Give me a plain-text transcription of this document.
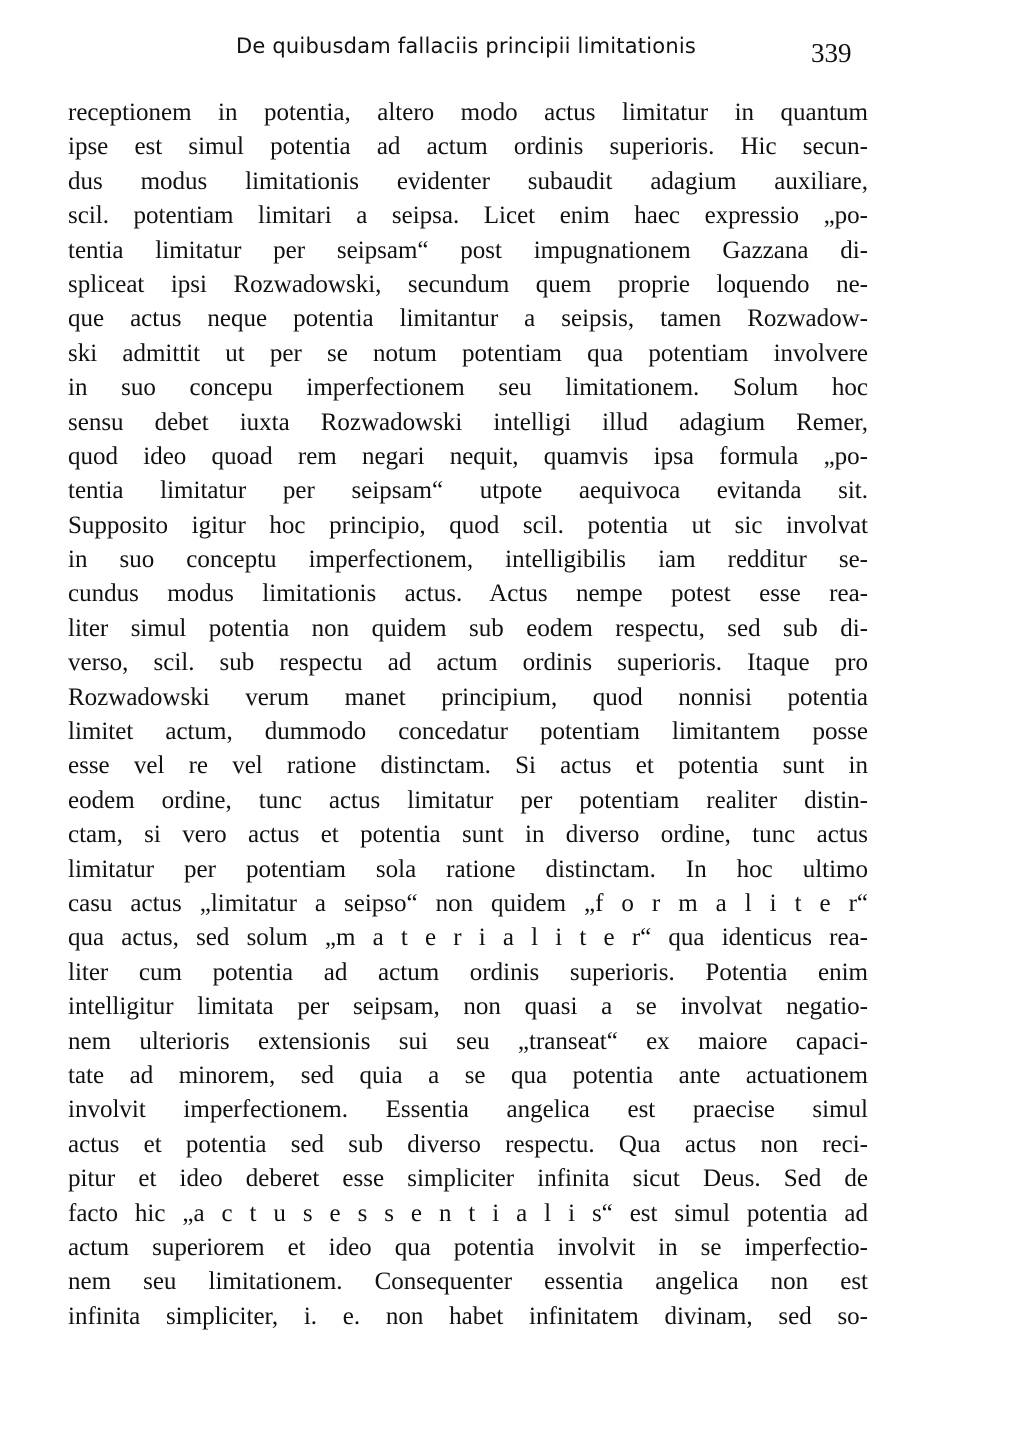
De quibusdam fallaciis principii limitationis	339
receptionem in potentia, altero modo actus limitatur in quantum
ipse est simul potentia ad actum ordinis superioris. Hic secun-
dus modus limitationis evidenter subaudit adagium auxiliare,
scil. potentiam limitari a seipsa. Licet enim haec expressio „po-
tentia limitatur per seipsam“ post impugnationem Gazzana di-
spliceat ipsi Rozwadowski, secundum quem proprie loquendo ne-
que actus neque potentia limitantur a seipsis, tamen Rozwadow-
ski admittit ut per se notum potentiam qua potentiam involvere
in suo concepu imperfectionem seu limitationem. Solum hoc
sensu debet iuxta Rozwadowski intelligi illud adagium Remer,
quod ideo quoad rem negari nequit, quamvis ipsa formula „po-
tentia limitatur per seipsam“ utpote aequivoca evitanda sit.
Supposito igitur hoc principio, quod scil. potentia ut sic involvat
in suo conceptu imperfectionem, intelligibilis iam redditur se-
cundus modus limitationis actus. Actus nempe potest esse rea-
liter simul potentia non quidem sub eodem respectu, sed sub di-
verso, scil. sub respectu ad actum ordinis superioris. Itaque pro
Rozwadowski verum manet principium, quod nonnisi potentia
limitet actum, dummodo concedatur potentiam limitantem posse
esse vel re vel ratione distinctam. Si actus et potentia sunt in
eodem ordine, tunc actus limitatur per potentiam realiter distin-
ctam, si vero actus et potentia sunt in diverso ordine, tunc actus
limitatur per potentiam sola ratione distinctam. In hoc ultimo
casu actus „limitatur a seipso“ non quidem „f o r m a l i t e r“
qua actus, sed solum „m a t e r i a l i t e r“ qua identicus rea-
liter cum potentia ad actum ordinis superioris. Potentia enim
intelligitur limitata per seipsam, non quasi a se involvat negatio-
nem ulterioris extensionis sui seu „transeat“ ex maiore capaci-
tate ad minorem, sed quia a se qua potentia ante actuationem
involvit imperfectionem. Essentia angelica est praecise simul
actus et potentia sed sub diverso respectu. Qua actus non reci-
pitur et ideo deberet esse simpliciter infinita sicut Deus. Sed de
facto hic „a c t u s e s s e n t i a l i s“ est simul potentia ad
actum superiorem et ideo qua potentia involvit in se imperfectio-
nem seu limitationem. Consequenter essentia angelica non est
infinita simpliciter, i. e. non habet infinitatem divinam, sed so-
